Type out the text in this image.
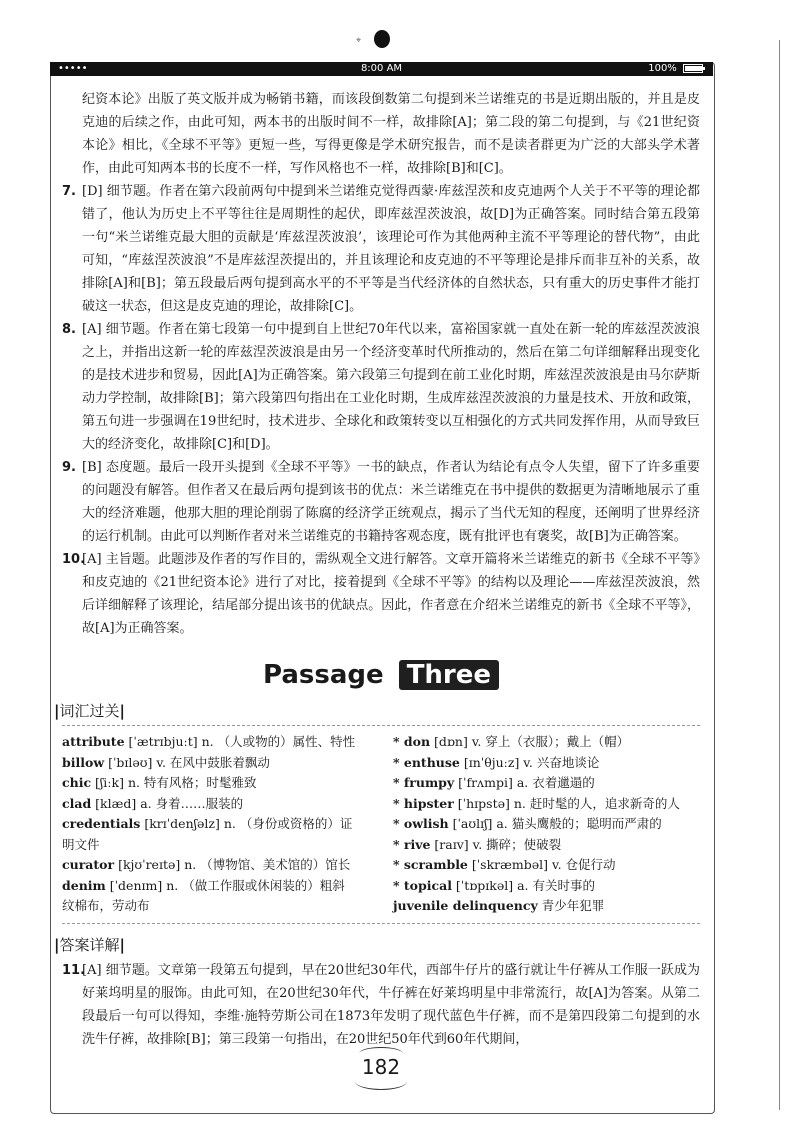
⌖
•••••	8:00 AM	100%

纪资本论》出版了英文版并成为畅销书籍，而该段倒数第二句提到米兰诺维克的书是近期出版的，并且是皮克迪的后续之作，由此可知，两本书的出版时间不一样，故排除[A]；第二段的第二句提到，与《21世纪资本论》相比，《全球不平等》更短一些，写得更像是学术研究报告，而不是读者群更为广泛的大部头学术著作，由此可知两本书的长度不一样，写作风格也不一样，故排除[B]和[C]。

7. [D] 细节题。作者在第六段前两句中提到米兰诺维克觉得西蒙·库兹涅茨和皮克迪两个人关于不平等的理论都错了，他认为历史上不平等往往是周期性的起伏，即库兹涅茨波浪，故[D]为正确答案。同时结合第五段第一句“米兰诺维克最大胆的贡献是‘库兹涅茨波浪’，该理论可作为其他两种主流不平等理论的替代物”，由此可知，“库兹涅茨波浪”不是库兹涅茨提出的，并且该理论和皮克迪的不平等理论是排斥而非互补的关系，故排除[A]和[B]；第五段最后两句提到高水平的不平等是当代经济体的自然状态，只有重大的历史事件才能打破这一状态，但这是皮克迪的理论，故排除[C]。
8. [A] 细节题。作者在第七段第一句中提到自上世纪70年代以来，富裕国家就一直处在新一轮的库兹涅茨波浪之上，并指出这新一轮的库兹涅茨波浪是由另一个经济变革时代所推动的，然后在第二句详细解释出现变化的是技术进步和贸易，因此[A]为正确答案。第六段第三句提到在前工业化时期，库兹涅茨波浪是由马尔萨斯动力学控制，故排除[B]；第六段第四句指出在工业化时期，生成库兹涅茨波浪的力量是技术、开放和政策，第五句进一步强调在19世纪时，技术进步、全球化和政策转变以互相强化的方式共同发挥作用，从而导致巨大的经济变化，故排除[C]和[D]。
9. [B] 态度题。最后一段开头提到《全球不平等》一书的缺点，作者认为结论有点令人失望，留下了许多重要的问题没有解答。但作者又在最后两句提到该书的优点：米兰诺维克在书中提供的数据更为清晰地展示了重大的经济难题，他那大胆的理论削弱了陈腐的经济学正统观点，揭示了当代无知的程度，还阐明了世界经济的运行机制。由此可以判断作者对米兰诺维克的书籍持客观态度，既有批评也有褒奖，故[B]为正确答案。
10.
[A] 主旨题。此题涉及作者的写作目的，需纵观全文进行解答。文章开篇将米兰诺维克的新书《全球不平等》和皮克迪的《21世纪资本论》进行了对比，接着提到《全球不平等》的结构以及理论——库兹涅茨波浪，然后详细解释了该理论，结尾部分提出该书的优缺点。因此，作者意在介绍米兰诺维克的新书《全球不平等》，故[A]为正确答案。
Passage Three
|词汇过关|
attribute [ˈætrɪbjuːt] n. （人或物的）属性、特性
billow [ˈbɪləʊ] v. 在风中鼓胀着飘动
chic [ʃiːk] n. 特有风格；时髦雅致
clad [klæd] a. 身着……服装的
credentials [krɪˈdenʃəlz] n. （身份或资格的）证
明文件
curator [kjʊˈreɪtə] n. （博物馆、美术馆的）馆长
denim [ˈdenɪm] n. （做工作服或休闲装的）粗斜
纹棉布，劳动布
* don [dɒn] v. 穿上（衣服）；戴上（帽）
* enthuse [ɪnˈθjuːz] v. 兴奋地谈论
* frumpy [ˈfrʌmpi] a. 衣着邋遢的
* hipster [ˈhɪpstə] n. 赶时髦的人，追求新奇的人
* owlish [ˈaʊlɪʃ] a. 猫头鹰般的；聪明而严肃的
* rive [raɪv] v. 撕碎；使破裂
* scramble [ˈskræmbəl] v. 仓促行动
* topical [ˈtɒpɪkəl] a. 有关时事的
juvenile delinquency 青少年犯罪
|答案详解|
11.
[A] 细节题。文章第一段第五句提到，早在20世纪30年代，西部牛仔片的盛行就让牛仔裤从工作服一跃成为好莱坞明星的服饰。由此可知，在20世纪30年代，牛仔裤在好莱坞明星中非常流行，故[A]为答案。从第二段最后一句可以得知，李维·施特劳斯公司在1873年发明了现代蓝色牛仔裤，而不是第四段第二句提到的水洗牛仔裤，故排除[B]；第三段第一句指出，在20世纪50年代到60年代期间，
182
